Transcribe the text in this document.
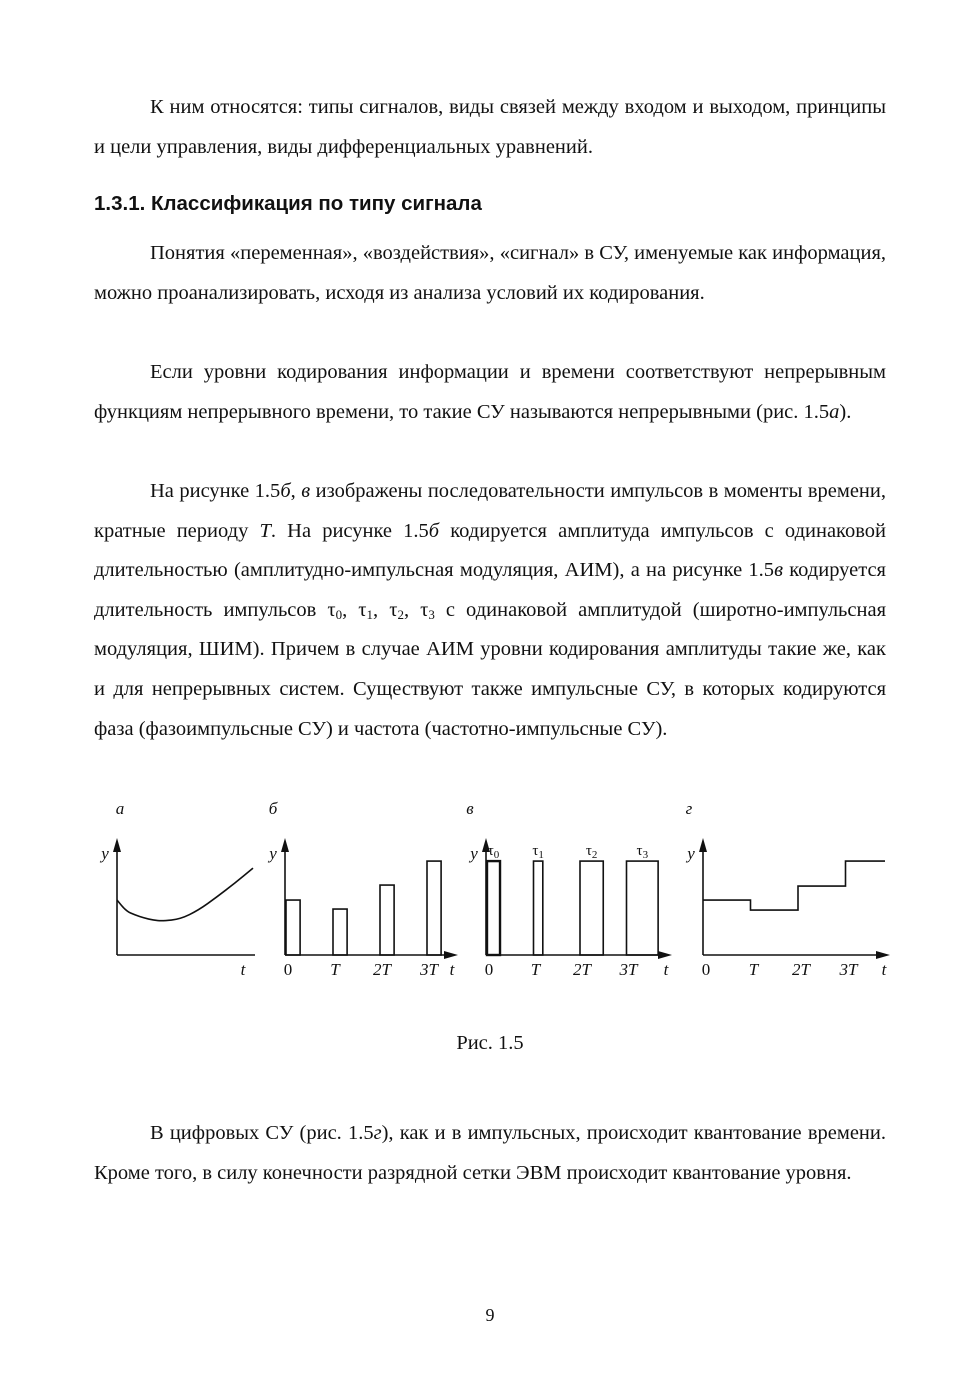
К ним относятся: типы сигналов, виды связей между входом и выходом, принципы и цели управления, виды дифференциальных уравнений.

1.3.1. Классификация по типу сигнала

Понятия «переменная», «воздействия», «сигнал» в СУ, именуемые как информация, можно проанализировать, исходя из анализа условий их кодирования.

Если уровни кодирования информации и времени соответствуют непрерывным функциям непрерывного времени, то такие СУ называются непрерывными (рис. 1.5а).

На рисунке 1.5б, в изображены последовательности импульсов в моменты времени, кратные периоду T. На рисунке 1.5б кодируется амплитуда импульсов с одинаковой длительностью (амплитудно-импульсная модуляция, АИМ), а на рисунке 1.5в кодируется длительность импульсов $\tau_0$, $\tau_1$, $\tau_2$, $\tau_3$ с одинаковой амплитудой (широтно-импульсная модуляция, ШИМ). Причем в случае АИМ уровни кодирования амплитуды такие же, как и для непрерывных систем. Существуют также импульсные СУ, в которых кодируются фаза (фазоимпульсные СУ) и частота (частотно-импульсные СУ).

а
y
t
б
y
t
0 T 2T 3T
в
y
t
0 T 2T 3T
г
y
t
0 T 2T 3T
$\tau_0$ $\tau_1$	$\tau_2$	$\tau_3$
Рис. 1.5

В цифровых СУ (рис. 1.5г), как и в импульсных, происходит квантование времени. Кроме того, в силу конечности разрядной сетки ЭВМ происходит квантование уровня.

9
